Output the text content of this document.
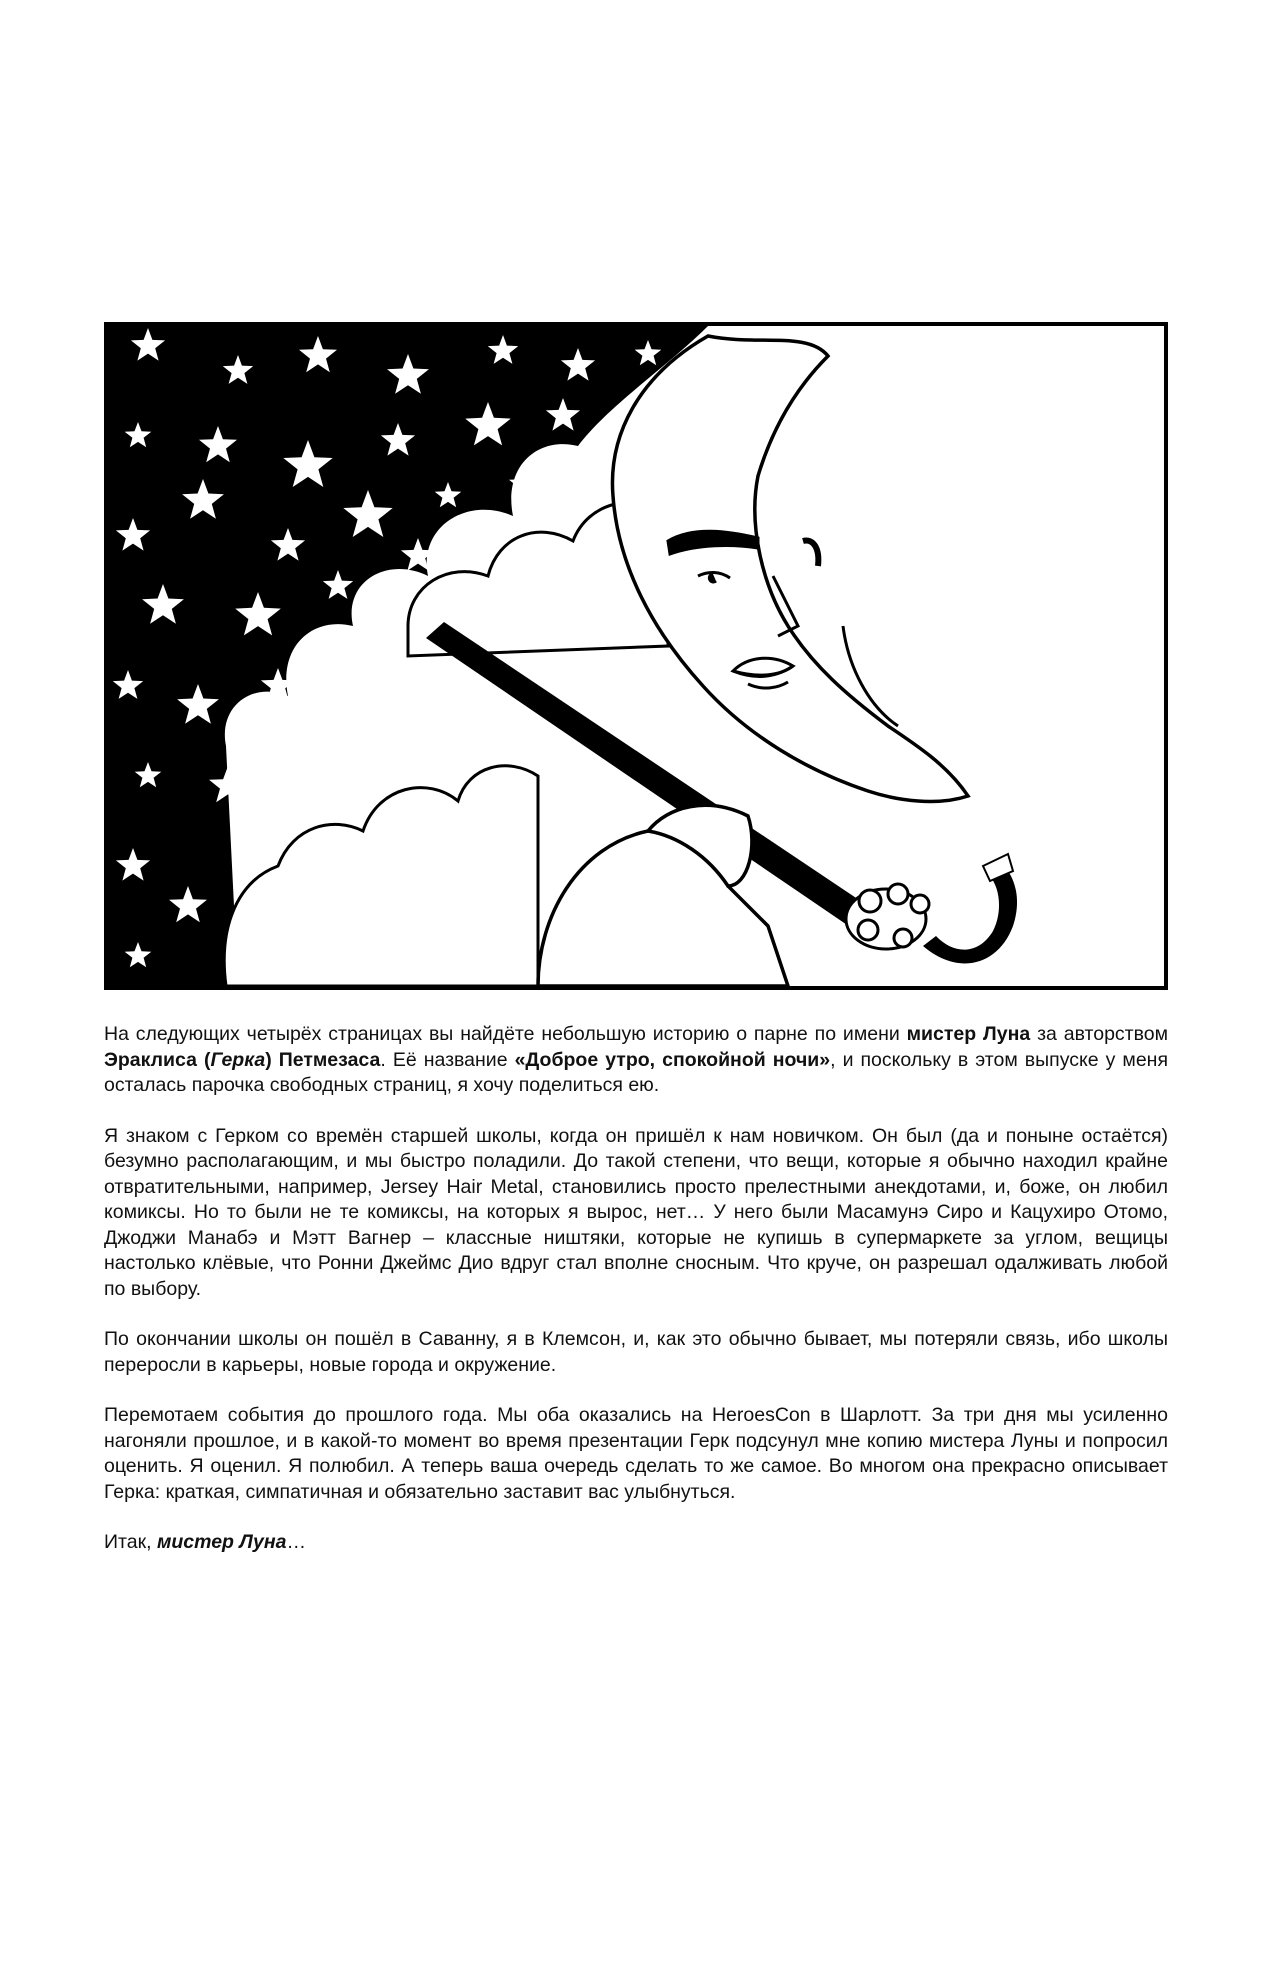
На следующих четырёх страницах вы найдёте небольшую историю о парне по имени мистер Луна за авторством Эраклиса (Герка) Петмезаса. Её название «Доброе утро, спокойной ночи», и поскольку в этом выпуске у меня осталась парочка свободных страниц, я хочу поделиться ею.

Я знаком с Герком со времён старшей школы, когда он пришёл к нам новичком. Он был (да и поныне остаётся) безумно располагающим, и мы быстро поладили. До такой степени, что вещи, которые я обычно находил крайне отвратительными, например, Jersey Hair Metal, становились просто прелестными анекдотами, и, боже, он любил комиксы. Но то были не те комиксы, на которых я вырос, нет… У него были Масамунэ Сиро и Кацухиро Отомо, Джоджи Манабэ и Мэтт Вагнер – классные ништяки, которые не купишь в супермаркете за углом, вещицы настолько клёвые, что Ронни Джеймс Дио вдруг стал вполне сносным. Что круче, он разрешал одалживать любой по выбору.

По окончании школы он пошёл в Саванну, я в Клемсон, и, как это обычно бывает, мы потеряли связь, ибо школы переросли в карьеры, новые города и окружение.

Перемотаем события до прошлого года. Мы оба оказались на HeroesCon в Шарлотт. За три дня мы усиленно нагоняли прошлое, и в какой-то момент во время презентации Герк подсунул мне копию мистера Луны и попросил оценить. Я оценил. Я полюбил. А теперь ваша очередь сделать то же самое. Во многом она прекрасно описывает Герка: краткая, симпатичная и обязательно заставит вас улыбнуться.

Итак, мистер Луна…
